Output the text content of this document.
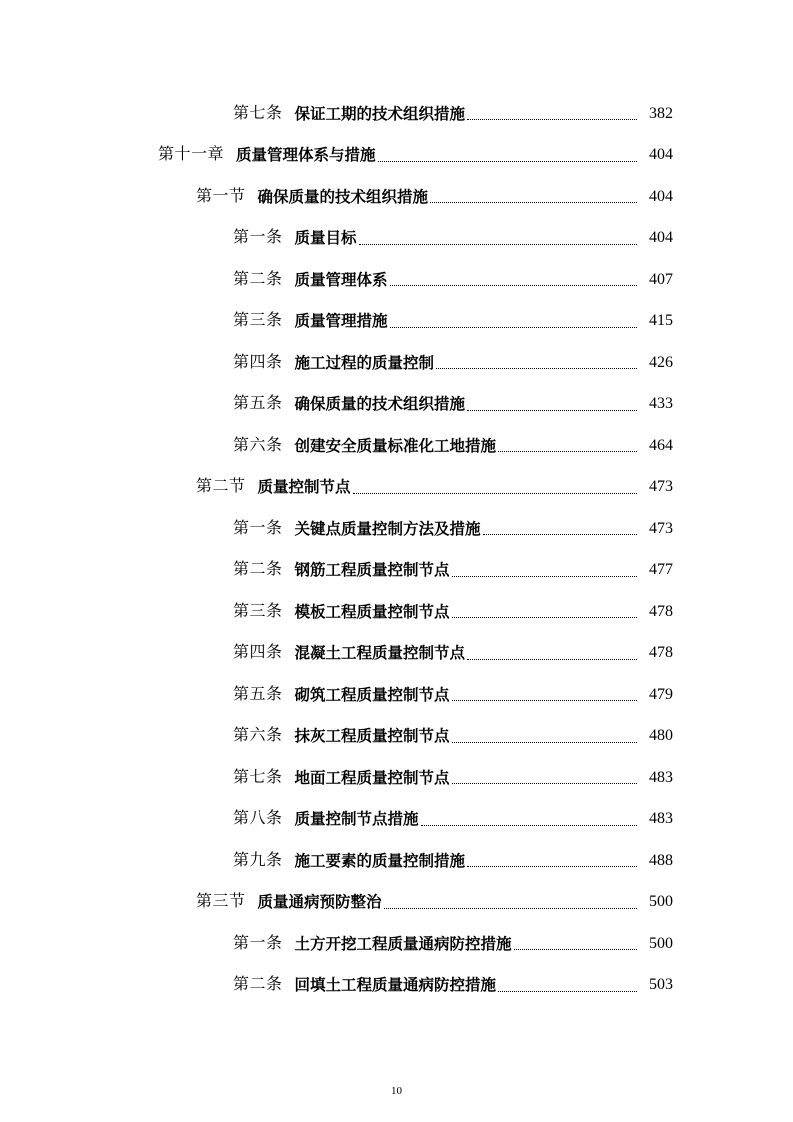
第七条 保证工期的技术组织措施	382
第十一章 质量管理体系与措施	404
第一节 确保质量的技术组织措施	404
第一条 质量目标	404
第二条 质量管理体系	407
第三条 质量管理措施	415
第四条 施工过程的质量控制	426
第五条 确保质量的技术组织措施	433
第六条 创建安全质量标准化工地措施	464
第二节 质量控制节点	473
第一条 关键点质量控制方法及措施	473
第二条 钢筋工程质量控制节点	477
第三条 模板工程质量控制节点	478
第四条 混凝土工程质量控制节点	478
第五条 砌筑工程质量控制节点	479
第六条 抹灰工程质量控制节点	480
第七条 地面工程质量控制节点	483
第八条 质量控制节点措施	483
第九条 施工要素的质量控制措施	488
第三节 质量通病预防整治	500
第一条 土方开挖工程质量通病防控措施	500
第二条 回填土工程质量通病防控措施	503
10
